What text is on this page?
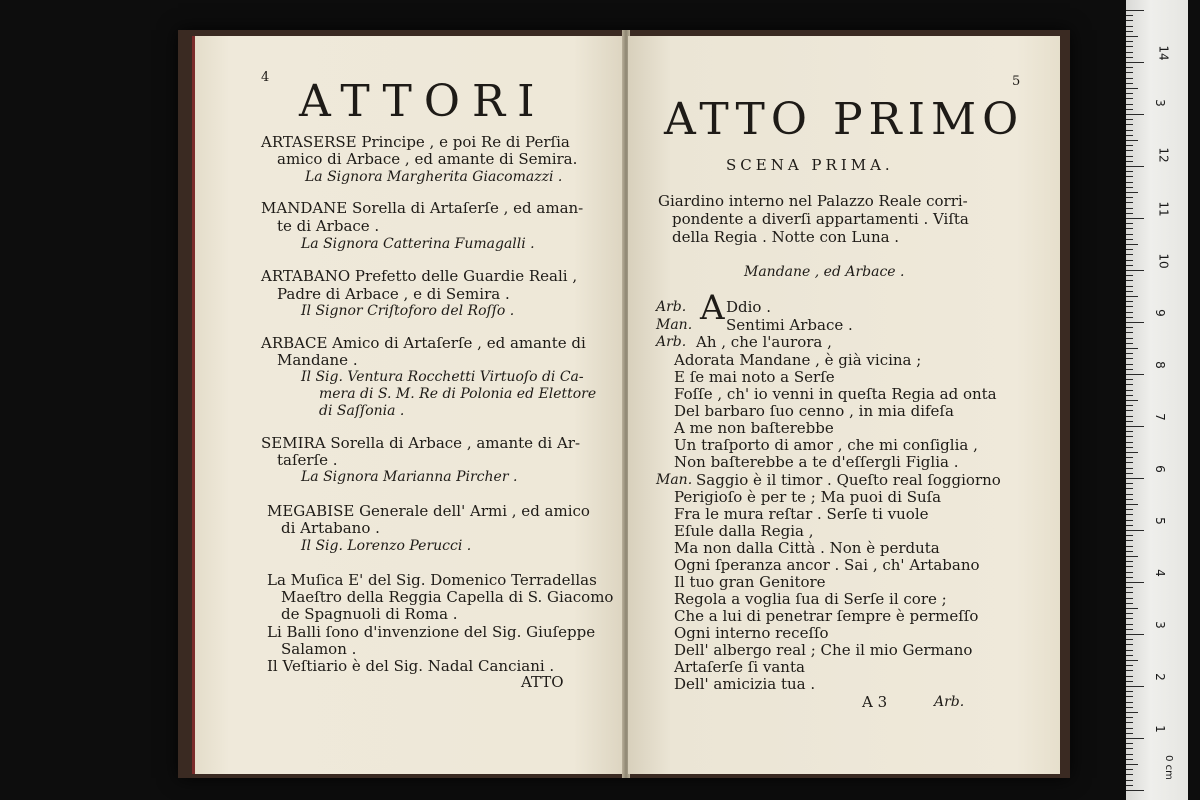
4 ATTORI
ARTASERSE Principe , e poi Re di Perſia
amico di Arbace , ed amante di Semira.
La Signora Margherita Giacomazzi .
MANDANE Sorella di Artaſerſe , ed aman-
te di Arbace .
La Signora Catterina Fumagalli .
ARTABANO Prefetto delle Guardie Reali ,
Padre di Arbace , e di Semira .
Il Signor Criſtoforo del Roſſo .
ARBACE Amico di Artaſerſe , ed amante di
Mandane .
Il Sig. Ventura Rocchetti Virtuoſo di Ca-
mera di S. M. Re di Polonia ed Elettore
di Saſſonia .
SEMIRA Sorella di Arbace , amante di Ar-
taſerſe .
La Signora Marianna Pircher .
MEGABISE Generale dell' Armi , ed amico
di Artabano .
Il Sig. Lorenzo Perucci .
La Muſica E' del Sig. Domenico Terradellas
Maeſtro della Reggia Capella di S. Giacomo
de Spagnuoli di Roma .
Li Balli ſono d'invenzione del Sig. Giuſeppe
Salamon .
Il Veſtiario è del Sig. Nadal Canciani .
ATTO
5
ATTO PRIMO
SCENA PRIMA.
Giardino interno nel Palazzo Reale corri-
pondente a diverſi appartamenti . Viſta
della Regia . Notte con Luna .
Mandane , ed Arbace .
Arb. A Ddio .
Man. Sentimi Arbace .
Arb. Ah , che l'aurora ,
Adorata Mandane , è già vicina ;
E ſe mai noto a Serſe
Foſſe , ch' io venni in queſta Regia ad onta
Del barbaro ſuo cenno , in mia difeſa
A me non baſterebbe
Un traſporto di amor , che mi conſiglia ,
Non baſterebbe a te d'eſſergli Figlia .
Man. Saggio è il timor . Queſto real ſoggiorno
Perigioſo è per te ; Ma puoi di Suſa
Fra le mura reſtar . Serſe ti vuole
Eſule dalla Regia ,
Ma non dalla Città . Non è perduta
Ogni ſperanza ancor . Sai , ch' Artabano
Il tuo gran Genitore
Regola a voglia ſua di Serſe il core ;
Che a lui di penetrar ſempre è permeſſo
Ogni interno receſſo
Dell' albergo real ; Che il mio Germano
Artaſerſe ſi vanta
Dell' amicizia tua .
A 3	Arb.
14
3
12
11
10
9
8
7
6
5
4
3
2
1
0 cm
